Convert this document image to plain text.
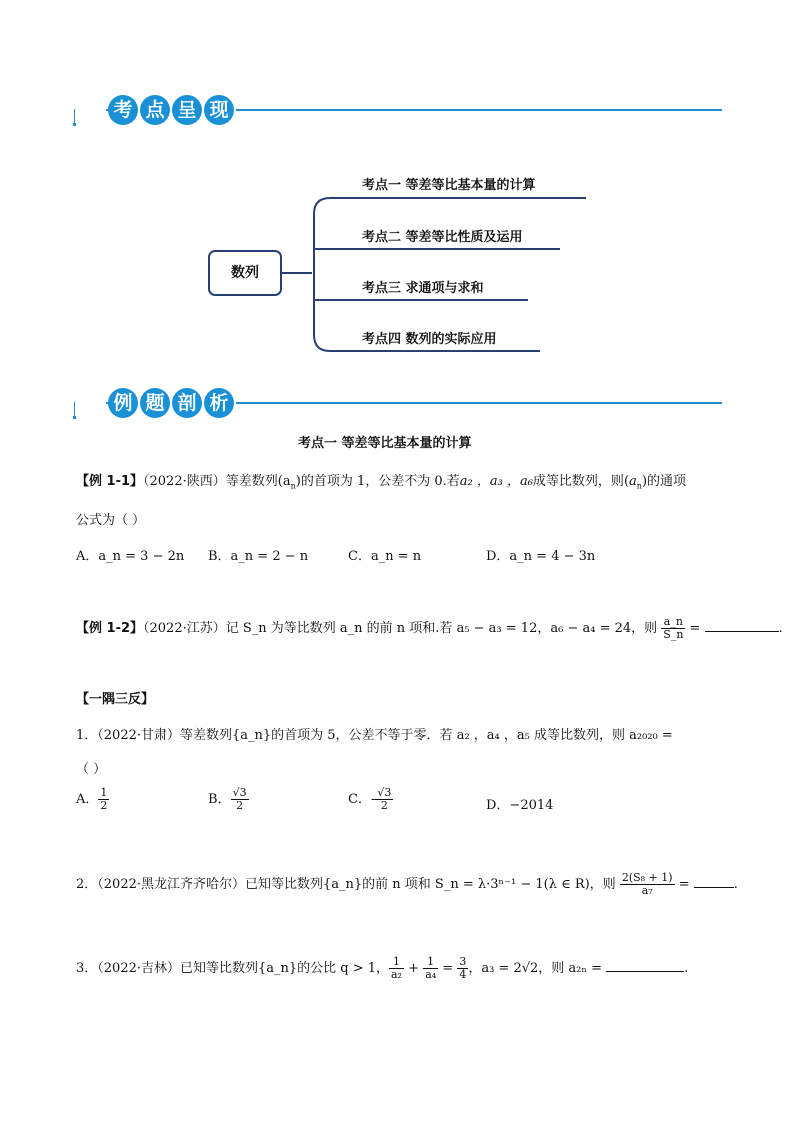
考 点 呈 现
数列
考点一 等差等比基本量的计算
考点二 等差等比性质及运用
考点三 求通项与求和
考点四 数列的实际应用
例 题 剖 析
考点一 等差等比基本量的计算
【例 1-1】（2022·陕西）等差数列$(a_n)$的首项为 1，公差不为 0.若a₂ ，a₃ ，a₆成等比数列，则$(a_n)$的通项
公式为（ ）
A．a_n = 3 − 2n B．a_n = 2 − n	C．a_n = n	D．a_n = 4 − 3n
【例 1-2】（2022·江苏）记 S_n 为等比数列 a_n 的前 n 项和.若 a₅ − a₃ = 12，a₆ − a₄ = 24，则 $\frac{a\_n}{S\_n}$ =	.
【一隅三反】
1．（2022·甘肃）等差数列{a_n}的首项为 5，公差不等于零．若 a₂ ，a₄ ，a₅ 成等比数列，则 a₂₀₂₀ =
（ ）
A． $\frac{1}{2}$	B． $\frac{√3}{2}$	C．- $\frac{√3}{2}$	D．−2014
2．（2022·黑龙江齐齐哈尔）已知等比数列{a_n}的前 n 项和 S_n = λ·3ⁿ⁻¹ − 1(λ ∈ R)，则 $\frac{\text{2(S₈ + 1)}}{\text{a₇}}$ =	.
3．（2022·吉林）已知等比数列{a_n}的公比 q > 1， $\frac{1}{\text{a₂}} + \frac{1}{\text{a₄}} = \frac{3}{4}$ ，a₃ = 2√2，则 a₂ₙ =	.
